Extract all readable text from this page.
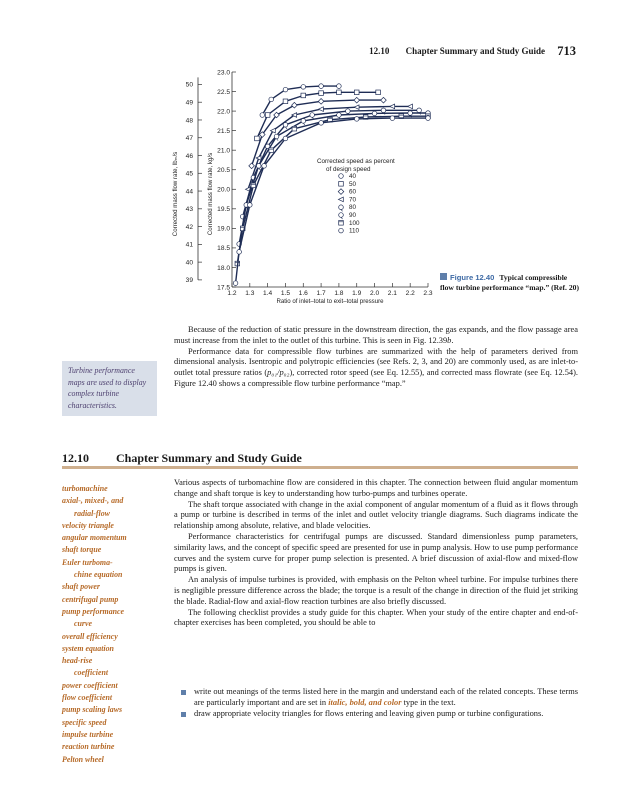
12.10 Chapter Summary and Study Guide 713
17.5
18.0
18.5
19.0
19.5
20.0
20.5
21.0
21.5
22.0
22.5
23.0
39
40
41
42
43
44
45
46
47
48
49
50
1.2 1.3 1.4 1.5 1.6 1.7 1.8 1.9 2.0 2.1 2.2 2.3
Ratio of inlet–total to exit–total pressure
Corrected mass flow rate, lbₘ/s	Corrected mass flow rate, kg/s	Corrected speed as percent
of design speed
40
50
60
70
80
90
100
110
Figure 12.40 Typical compressible flow turbine performance “map.” (Ref. 20)

Because of the reduction of static pressure in the downstream direction, the gas expands, and the flow passage area must increase from the inlet to the outlet of this turbine. This is seen in Fig. 12.39b.

Performance data for compressible flow turbines are summarized with the help of parameters derived from dimensional analysis. Isentropic and polytropic efficiencies (see Refs. 2, 3, and 20) are commonly used, as are inlet-to-outlet total pressure ratios (p₀₁/p₀₂), corrected rotor speed (see Eq. 12.55), and corrected mass flowrate (see Eq. 12.54). Figure 12.40 shows a compressible flow turbine performance “map.”

Turbine performance maps are used to display complex turbine characteristics.
12.10 Chapter Summary and Study Guide
turbomachine
axial-, mixed-, and
radial-flow
velocity triangle
angular momentum
shaft torque
Euler turboma-
chine equation
shaft power
centrifugal pump
pump performance
curve
overall efficiency
system equation
head-rise
coefficient
power coefficient
flow coefficient
pump scaling laws
specific speed
impulse turbine
reaction turbine
Pelton wheel

Various aspects of turbomachine flow are considered in this chapter. The connection between fluid angular momentum change and shaft torque is key to understanding how turbo-pumps and turbines operate.

The shaft torque associated with change in the axial component of angular momentum of a fluid as it flows through a pump or turbine is described in terms of the inlet and outlet velocity triangle diagrams. Such diagrams indicate the relationship among absolute, relative, and blade velocities.

Performance characteristics for centrifugal pumps are discussed. Standard dimensionless pump parameters, similarity laws, and the concept of specific speed are presented for use in pump analysis. How to use pump performance curves and the system curve for proper pump selection is presented. A brief discussion of axial-flow and mixed-flow pumps is given.

An analysis of impulse turbines is provided, with emphasis on the Pelton wheel turbine. For impulse turbines there is negligible pressure difference across the blade; the torque is a result of the change in direction of the fluid jet striking the blade. Radial-flow and axial-flow reaction turbines are also briefly discussed.

The following checklist provides a study guide for this chapter. When your study of the entire chapter and end-of-chapter exercises has been completed, you should be able to

write out meanings of the terms listed here in the margin and understand each of the related concepts. These terms are particularly important and are set in italic, bold, and color type in the text.
draw appropriate velocity triangles for flows entering and leaving given pump or turbine configurations.
